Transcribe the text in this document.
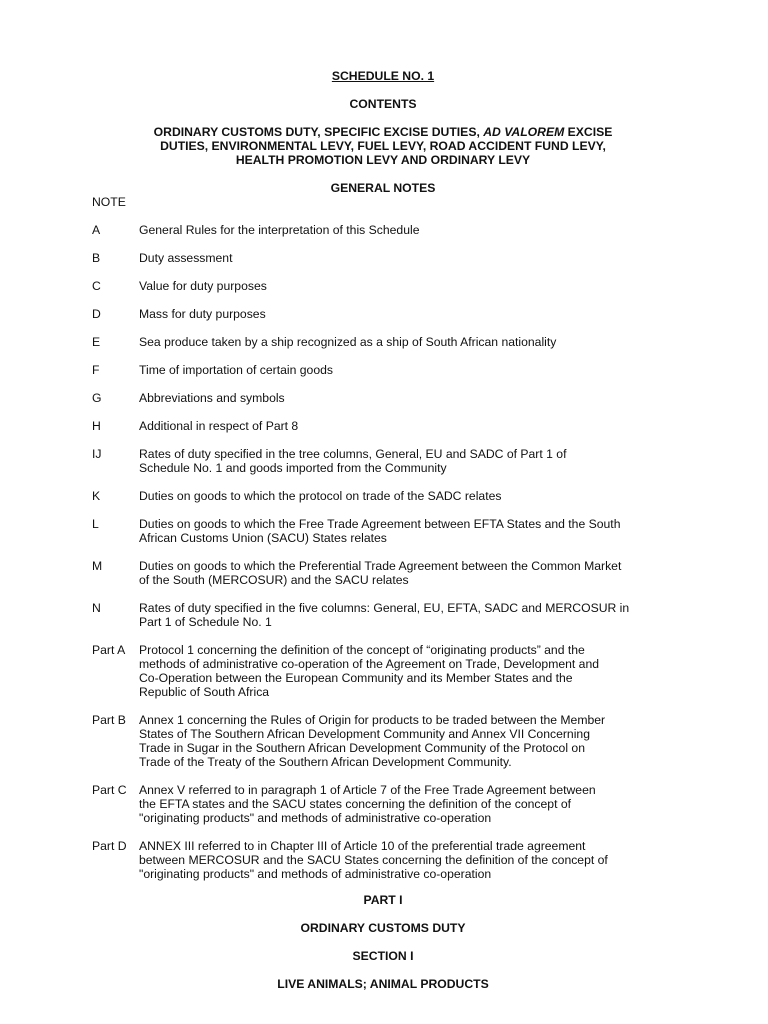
SCHEDULE NO. 1

CONTENTS

ORDINARY CUSTOMS DUTY, SPECIFIC EXCISE DUTIES, AD VALOREM EXCISE
DUTIES, ENVIRONMENTAL LEVY, FUEL LEVY, ROAD ACCIDENT FUND LEVY,
HEALTH PROMOTION LEVY AND ORDINARY LEVY

GENERAL NOTES

NOTE

A	General Rules for the interpretation of this Schedule
B	Duty assessment
C	Value for duty purposes
D	Mass for duty purposes
E	Sea produce taken by a ship recognized as a ship of South African nationality
F	Time of importation of certain goods
G	Abbreviations and symbols
H	Additional in respect of Part 8
IJ	Rates of duty specified in the tree columns, General, EU and SADC of Part 1 of
Schedule No. 1 and goods imported from the Community
K	Duties on goods to which the protocol on trade of the SADC relates
L	Duties on goods to which the Free Trade Agreement between EFTA States and the South
African Customs Union (SACU) States relates
M	Duties on goods to which the Preferential Trade Agreement between the Common Market
of the South (MERCOSUR) and the SACU relates
N	Rates of duty specified in the five columns: General, EU, EFTA, SADC and MERCOSUR in
Part 1 of Schedule No. 1
Part A	Protocol 1 concerning the definition of the concept of “originating products” and the
methods of administrative co-operation of the Agreement on Trade, Development and
Co-Operation between the European Community and its Member States and the
Republic of South Africa
Part B	Annex 1 concerning the Rules of Origin for products to be traded between the Member
States of The Southern African Development Community and Annex VII Concerning
Trade in Sugar in the Southern African Development Community of the Protocol on
Trade of the Treaty of the Southern African Development Community.
Part C	Annex V referred to in paragraph 1 of Article 7 of the Free Trade Agreement between
the EFTA states and the SACU states concerning the definition of the concept of
"originating products" and methods of administrative co-operation
Part D	ANNEX III referred to in Chapter III of Article 10 of the preferential trade agreement
between MERCOSUR and the SACU States concerning the definition of the concept of
"originating products" and methods of administrative co-operation

PART I

ORDINARY CUSTOMS DUTY

SECTION I

LIVE ANIMALS; ANIMAL PRODUCTS
